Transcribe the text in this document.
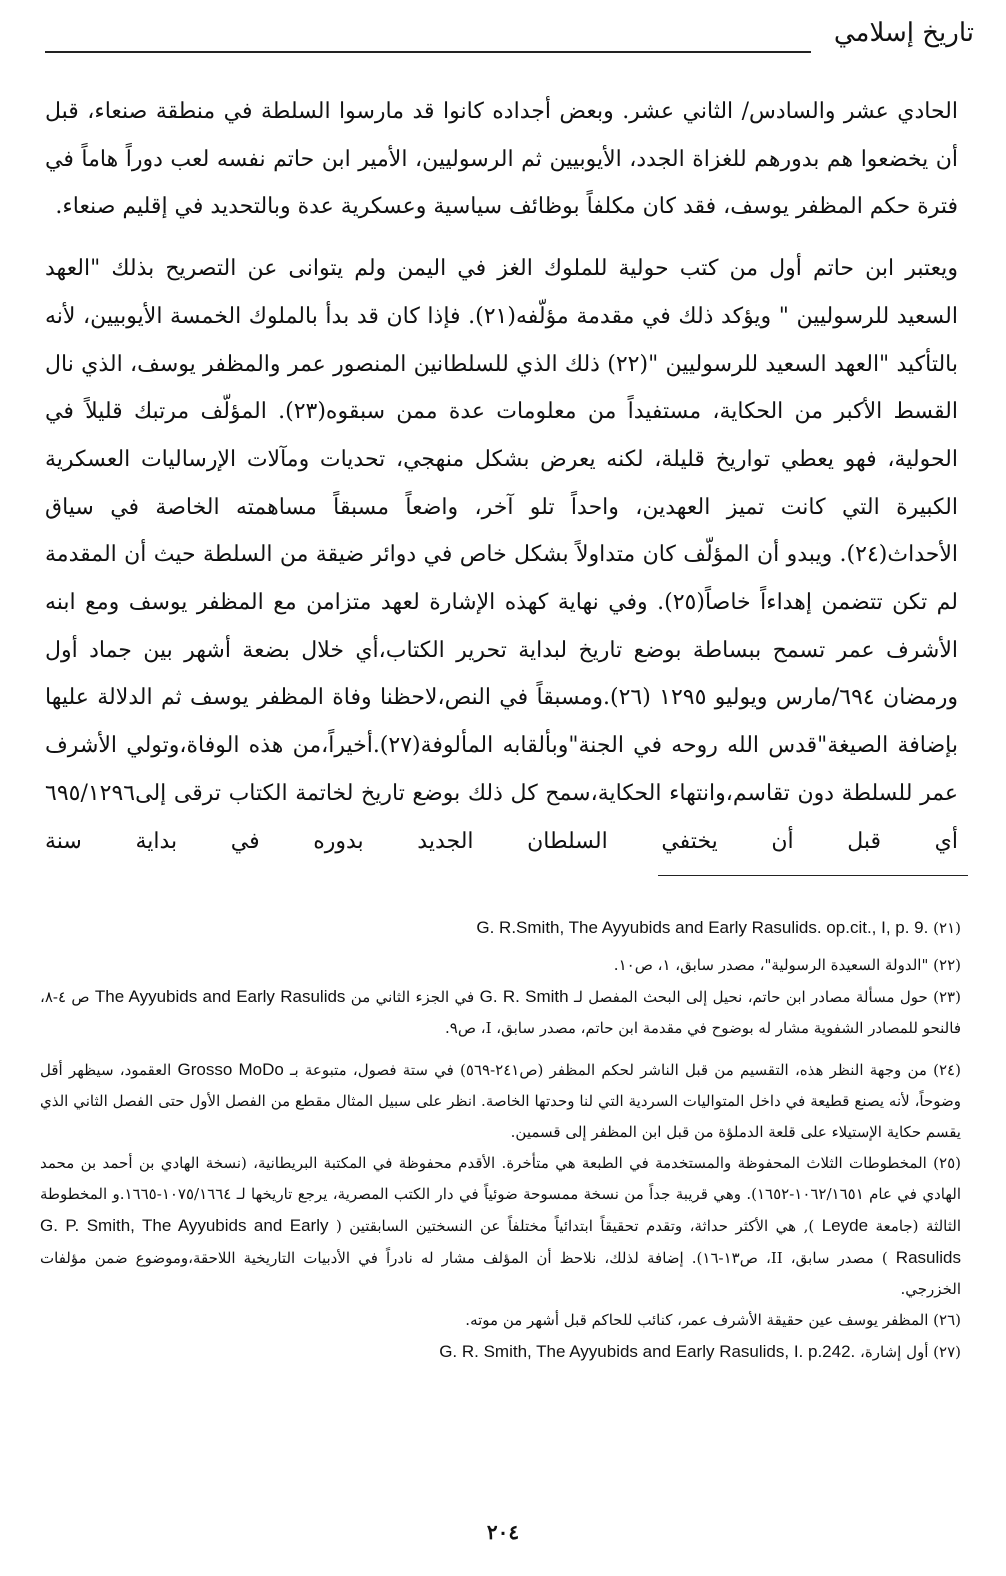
تاريخ إسلامي

الحادي عشر والسادس/ الثاني عشر. وبعض أجداده كانوا قد مارسوا السلطة في منطقة صنعاء، قبل أن يخضعوا هم بدورهم للغزاة الجدد، الأيوبيين ثم الرسوليين، الأمير ابن حاتم نفسه لعب دوراً هاماً في فترة حكم المظفر يوسف، فقد كان مكلفاً بوظائف سياسية وعسكرية عدة وبالتحديد في إقليم صنعاء.

ويعتبر ابن حاتم أول من كتب حولية للملوك الغز في اليمن ولم يتوانى عن التصريح بذلك "العهد السعيد للرسوليين " ويؤكد ذلك في مقدمة مؤلّفه(٢١). فإذا كان قد بدأ بالملوك الخمسة الأيوبيين، لأنه بالتأكيد "العهد السعيد للرسوليين "(٢٢) ذلك الذي للسلطانين المنصور عمر والمظفر يوسف، الذي نال القسط الأكبر من الحكاية، مستفيداً من معلومات عدة ممن سبقوه(٢٣). المؤلّف مرتبك قليلاً في الحولية، فهو يعطي تواريخ قليلة، لكنه يعرض بشكل منهجي، تحديات ومآلات الإرساليات العسكرية الكبيرة التي كانت تميز العهدين، واحداً تلو آخر، واضعاً مسبقاً مساهمته الخاصة في سياق الأحداث(٢٤). ويبدو أن المؤلّف كان متداولاً بشكل خاص في دوائر ضيقة من السلطة حيث أن المقدمة لم تكن تتضمن إهداءاً خاصاً(٢٥). وفي نهاية كهذه الإشارة لعهد متزامن مع المظفر يوسف ومع ابنه الأشرف عمر تسمح ببساطة بوضع تاريخ لبداية تحرير الكتاب،أي خلال بضعة أشهر بين جماد أول ورمضان ٦٩٤/مارس ويوليو ١٢٩٥ (٢٦).ومسبقاً في النص،لاحظنا وفاة المظفر يوسف ثم الدلالة عليها بإضافة الصيغة"قدس الله روحه في الجنة"وبألقابه المألوفة(٢٧).أخيراً،من هذه الوفاة،وتولي الأشرف عمر للسلطة دون تقاسم،وانتهاء الحكاية،سمح كل ذلك بوضع تاريخ لخاتمة الكتاب ترقى إلى٦٩٥/١٢٩٦ أي قبل أن يختفي السلطان الجديد بدوره في بداية سنة

(٢١) G. R.Smith, The Ayyubids and Early Rasulids. op.cit., I, p. 9.

(٢٢) "الدولة السعيدة الرسولية"، مصدر سابق، ١، ص١٠.

(٢٣) حول مسألة مصادر ابن حاتم، نحيل إلى البحث المفصل لـ G. R. Smith في الجزء الثاني من The Ayyubids and Early Rasulids ص ٤-٨، فالنحو للمصادر الشفوية مشار له بوضوح في مقدمة ابن حاتم، مصدر سابق، I، ص٩.

(٢٤) من وجهة النظر هذه، التقسيم من قبل الناشر لحكم المظفر (ص٢٤١-٥٦٩) في ستة فصول، متبوعة بـ Grosso MoDo العقمود، سيظهر أقل وضوحاً، لأنه يصنع قطيعة في داخل المتواليات السردية التي لنا وحدتها الخاصة. انظر على سبيل المثال مقطع من الفصل الأول حتى الفصل الثاني الذي يقسم حكاية الإستيلاء على قلعة الدملؤة من قبل ابن المظفر إلى قسمين.

(٢٥) المخطوطات الثلاث المحفوظة والمستخدمة في الطبعة هي متأخرة. الأقدم محفوظة في المكتبة البريطانية، (نسخة الهادي بن أحمد بن محمد الهادي في عام ١٠٦٢/١٦٥١-١٦٥٢). وهي قريبة جداً من نسخة ممسوحة ضوئياً في دار الكتب المصرية، يرجع تاريخها لـ ١٠٧٥/١٦٦٤-١٦٦٥.و المخطوطة الثالثة (جامعة Leyde ), هي الأكثر حداثة، وتقدم تحقيقاً ابتدائياً مختلفاً عن النسختين السابقتين ( G. P. Smith, The Ayyubids and Early Rasulids ) مصدر سابق، II، ص١٣-١٦). إضافة لذلك، نلاحظ أن المؤلف مشار له نادراً في الأدبيات التاريخية اللاحقة،وموضوع ضمن مؤلفات الخزرجي.

(٢٦) المظفر يوسف عين حقيقة الأشرف عمر، كنائب للحاكم قبل أشهر من موته.

(٢٧) أول إشارة، G. R. Smith, The Ayyubids and Early Rasulids, I. p.242.

٢٠٤
